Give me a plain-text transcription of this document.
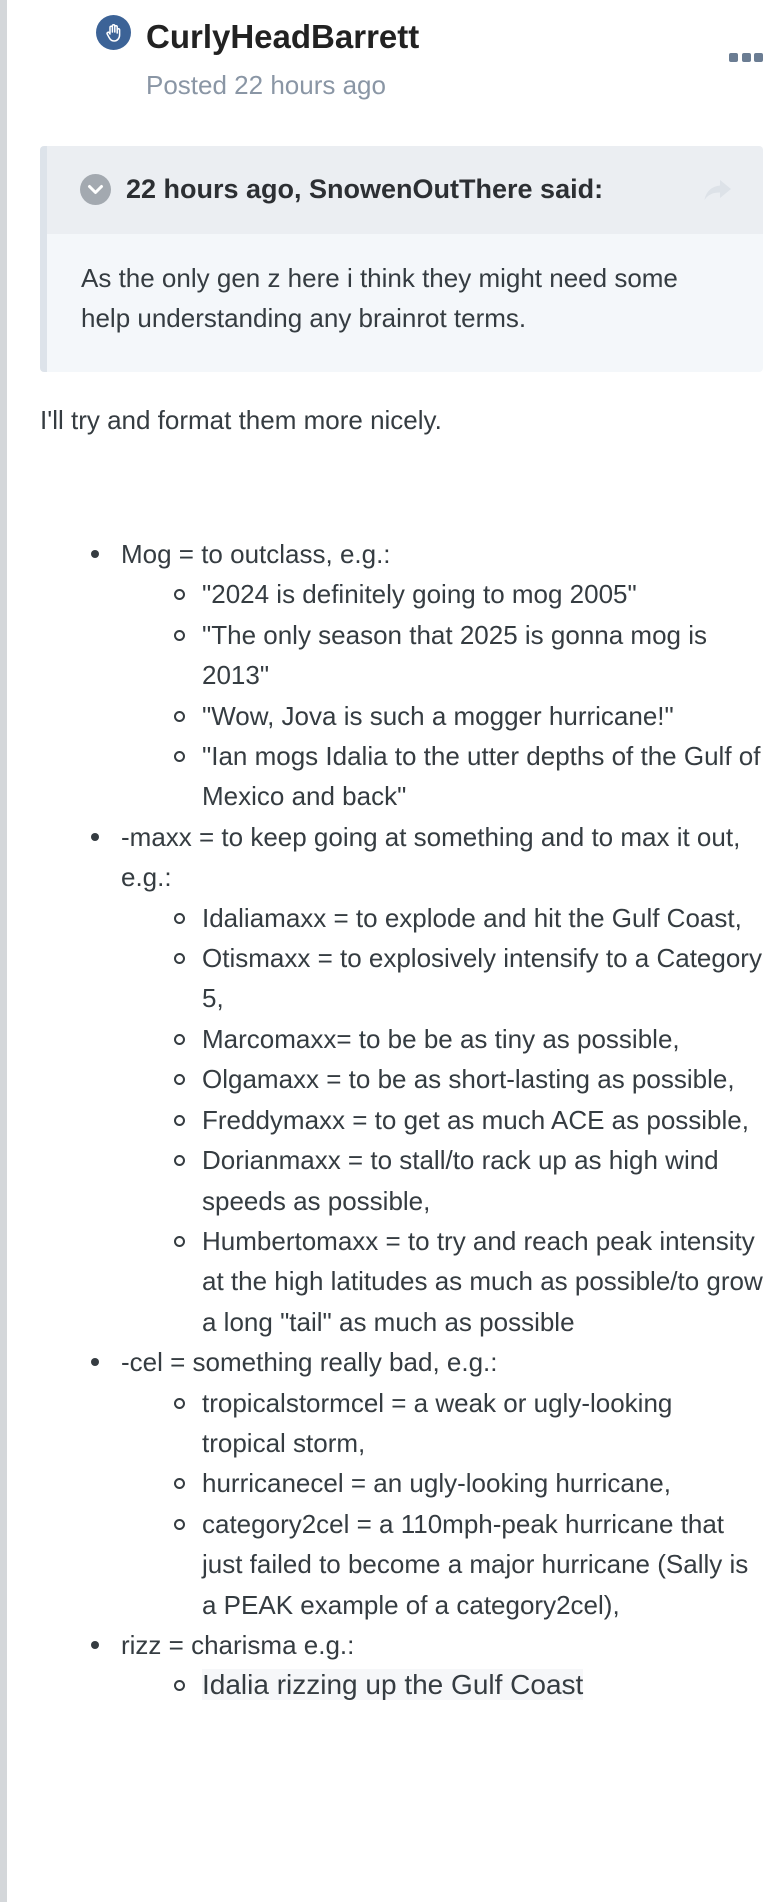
CurlyHeadBarrett
Posted 22 hours ago
22 hours ago, SnowenOutThere said:
As the only gen z here i think they might need some help understanding any brainrot terms.
I'll try and format them more nicely.
Mog = to outclass, e.g.:
"2024 is definitely going to mog 2005"
"The only season that 2025 is gonna mog is 2013"
"Wow, Jova is such a mogger hurricane!"
"Ian mogs Idalia to the utter depths of the Gulf of Mexico and back"
-maxx = to keep going at something and to max it out, e.g.:
Idaliamaxx = to explode and hit the Gulf Coast,
Otismaxx = to explosively intensify to a Category 5,
Marcomaxx= to be be as tiny as possible,
Olgamaxx = to be as short-lasting as possible,
Freddymaxx = to get as much ACE as possible,
Dorianmaxx = to stall/to rack up as high wind speeds as possible,
Humbertomaxx = to try and reach peak intensity at the high latitudes as much as possible/to grow a long "tail" as much as possible
-cel = something really bad, e.g.:
tropicalstormcel = a weak or ugly-looking tropical storm,
hurricanecel = an ugly-looking hurricane,
category2cel = a 110mph-peak hurricane that just failed to become a major hurricane (Sally is a PEAK example of a category2cel),
rizz = charisma e.g.:
Idalia rizzing up the Gulf Coast
